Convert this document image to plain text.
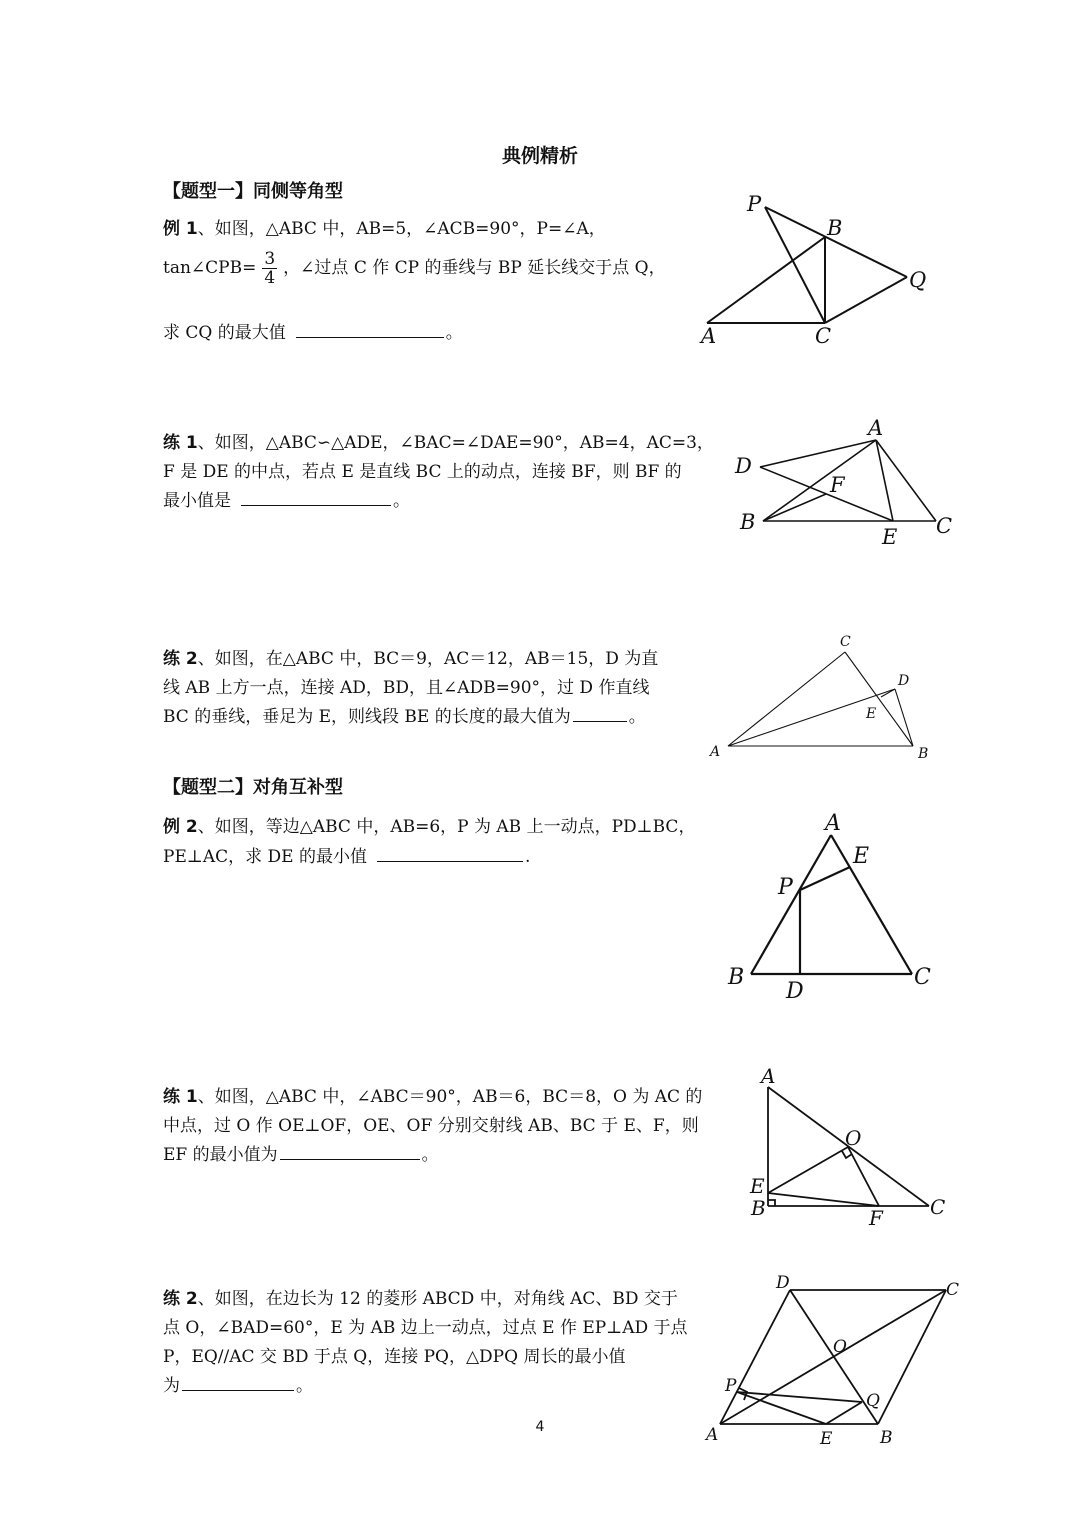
典例精析
【题型一】同侧等角型
例 1、如图，△ABC 中，AB=5，∠ACB=90°，P=∠A，
tan∠CPB= $\frac{3}{4}$ ，∠过点 C 作 CP 的垂线与 BP 延长线交于点 Q，
求 CQ 的最大值	。
P
B
Q
A	C
练 1、如图，△ABC∽△ADE，∠BAC=∠DAE=90°，AB=4，AC=3，
F 是 DE 的中点，若点 E 是直线 BC 上的动点，连接 BF，则 BF 的
最小值是	。
A
D
F
B
E C
练 2、如图，在△ABC 中，BC＝9，AC＝12，AB＝15，D 为直
线 AB 上方一点，连接 AD，BD，且∠ADB=90°，过 D 作直线
BC 的垂线，垂足为 E，则线段 BE 的长度的最大值为	。
C
D
E
A	B
【题型二】对角互补型
例 2、如图，等边△ABC 中，AB=6，P 为 AB 上一动点，PD⊥BC，
PE⊥AC，求 DE 的最小值	.
A
E
P
B
D
C
练 1、如图，△ABC 中，∠ABC＝90°，AB＝6，BC＝8，O 为 AC 的
中点，过 O 作 OE⊥OF，OE、OF 分别交射线 AB、BC 于 E、F，则
EF 的最小值为	。
A
O
E
B	F C
练 2、如图，在边长为 12 的菱形 ABCD 中，对角线 AC、BD 交于
点 O，∠BAD=60°，E 为 AB 边上一动点，过点 E 作 EP⊥AD 于点
P，EQ//AC 交 BD 于点 Q，连接 PQ，△DPQ 周长的最小值
为	。
D	C
O
P
Q
A	E	B
4
